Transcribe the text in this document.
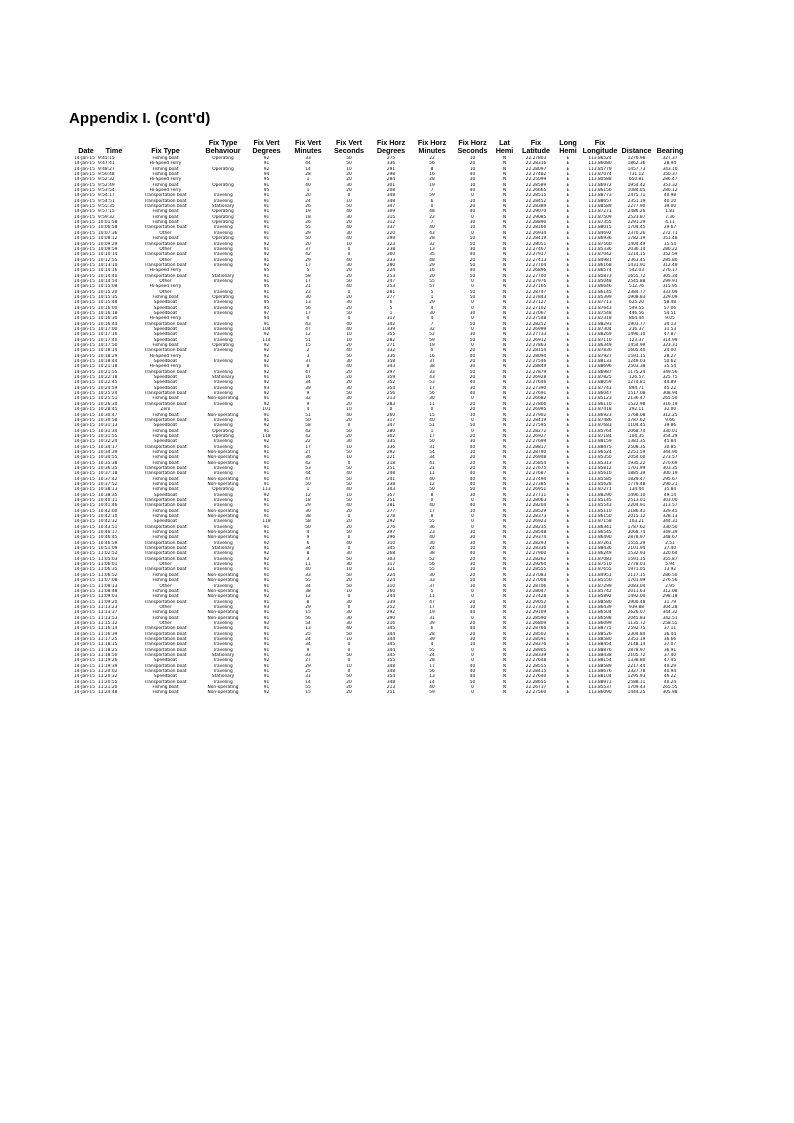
Appendix I. (cont'd)
Date	Time	Fix Type	Fix Type Behaviour	Fix Vert Degrees	Fix Vert Minutes	Fix Vert Seconds	Fix Horz Degrees	Fix Horz Minutes	Fix Horz Seconds	Lat Hemi	Fix Latitude	Long Hemi	Fix Longitude	Distance	Bearing
14-Jan-15	9:45:15	Fishing boat	Operating	92	33	50	275	22	10	N	22.27803	E	113.86524	1276.98	327.37
14-Jan-15	9:47:41	Hi-Speed Ferry		91	44	50	336	56	20	N	22.28316	E	113.86080	1862.36	28.94
14-Jan-15	9:48:27	Fishing boat	Operating	92	14	10	291	8	10	N	22.28097	E	113.85779	1457.73	343.10
14-Jan-15	9:50:48	Fishing boat		94	28	20	298	16	40	N	22.27482	E	113.87074	731.12	350.37
14-Jan-15	9:52:32	Hi-Speed Ferry		95	1	20	284	28	30	N	22.25099	E	113.80588	650.81	286.47
14-Jan-15	9:52:49	Fishing boat	Operating	91	40	30	301	19	10	N	22.28589	E	113.86972	1954.42	353.32
14-Jan-15	9:53:54	Hi-Speed Ferry		95	1	20	208	7	40	N	22.26665	E	113.86156	1084.05	280.12
14-Jan-15	9:54:17	Transportation boat	Traveling	91	20	0	348	59	0	N	22.28515	E	113.88773	2475.71	40.98
14-Jan-15	9:54:51	Transportation boat	Traveling	91	24	10	348	6	10	N	22.28452	E	113.88657	2351.19	40.10
14-Jan-15	9:55:35	Transportation boat	Stationary	91	26	50	347	0	20	N	22.28389	E	113.88589	2277.90	39.00
14-Jan-15	9:57:15	Fishing boat	Operating	91	19	40	309	48	40	N	22.29070	E	113.87271	2486.26	1.81
14-Jan-15	9:59:32	Fishing boat	Operating	91	18	30	315	22	0	N	22.29085	E	113.87509	2523.87	7.36
14-Jan-15	10:01:58	Fishing boat	Operating	91	26	20	312	7	30	N	22.28890	E	113.87355	2291.29	4.11
14-Jan-15	10:06:58	Transportation boat	Traveling	91	55	40	337	40	10	N	22.28166	E	113.88015	1704.45	29.67
14-Jan-15	10:07:36	Other	Traveling	91	29	30	220	43	0	N	22.26934	E	113.84692	2370.26	272.71
14-Jan-15	10:08:12	Fishing boat	Operating	91	50	40	299	28	50	N	22.28419	E	113.86936	1782.19	351.48
14-Jan-15	10:09:29	Transportation boat	Traveling	92	20	10	323	32	50	N	22.28051	E	113.87560	1404.49	15.54
14-Jan-15	10:09:59	Other	Traveling	91	37	0	238	13	30	N	22.27467	E	113.85336	2036.14	280.22
14-Jan-15	10:10:14	Transportation boat	Traveling	92	42	0	300	35	40	N	22.27917	E	113.87042	1214.15	352.59
14-Jan-15	10:12:55	Other	Traveling	91	29	40	233	48	20	N	22.27413	E	113.84981	2363.45	285.80
14-Jan-15	10:13:10	Transportation boat	Traveling	92	17	30	280	29	50	N	22.27704	E	113.86168	1431.91	312.49
14-Jan-15	10:14:16	Hi-Speed Ferry		95	5	20	224	16	40	N	22.26896	E	113.86574	542.03	276.17
14-Jan-15	10:14:40	Transportation boat	Stationary	91	58	20	253	20	50	N	22.27700	E	113.85873	1655.72	305.34
14-Jan-15	10:14:54	Other	Traveling	91	17	50	247	55	0	N	22.27976	E	113.85048	2545.88	299.91
14-Jan-15	10:15:08	Hi-Speed Ferry		95	21	40	253	57	0	N	22.27165	E	113.86646	512.76	315.95
14-Jan-15	10:15:20	Other	Traveling	91	23	0	281	5	50	N	22.28747	E	113.86145	2384.77	333.09
14-Jan-15	10:15:35	Fishing boat	Operating	91	30	20	277	1	50	N	22.27843	E	113.85399	1908.83	329.09
14-Jan-15	10:15:48	Speedboat	Traveling	95	13	30	6	29	0	N	22.27127	E	113.87713	625.20	58.48
14-Jan-15	10:16:00	Speedboat	Traveling	95	56	20	5	4	0	N	22.27102	E	113.87643	549.55	57.06
14-Jan-15	10:16:18	Speedboat	Traveling	97	17	50	1	30	30	N	22.27067	E	113.87548	446.56	54.51
14-Jan-15	10:16:30	Hi-Speed Ferry		94	4	0	317	4	0	N	22.27548	E	113.87318	804.44	9.05
14-Jan-15	10:16:44	Transportation boat	Traveling	91	43	40	342	7	50	N	22.28252	E	113.88293	1903.77	34.13
14-Jan-15	10:17:00	Speedboat	Traveling	104	47	40	339	32	0	N	22.26999	E	113.87304	216.37	31.53
14-Jan-15	10:17:16	Speedboat	Traveling	92	12	10	355	52	30	N	22.27733	E	113.88269	1490.10	47.87
14-Jan-15	10:17:40	Speedboat	Traveling	114	51	10	282	59	50	N	22.26912	E	113.87110	123.37	314.99
14-Jan-15	10:17:50	Fishing boat	Operating	92	15	20	271	19	0	N	22.27863	E	113.86349	1454.99	323.31
14-Jan-15	10:18:14	Transportation boat	Traveling	92	2	40	332	0	20	N	22.28154	E	113.87830	1605.40	24.00
14-Jan-15	10:18:29	Hi-Speed Ferry		92	3	50	336	16	40	N	22.28094	E	113.87927	1591.15	28.27
14-Jan-15	10:18:44	Speedboat	Traveling	92	37	30	358	37	20	N	22.27546	E	113.88133	1249.03	50.62
14-Jan-15	10:21:18	Hi-Speed Ferry		91	8	40	343	38	30	N	22.28849	E	113.88696	2503.38	35.54
14-Jan-15	10:21:55	Transportation boat	Traveling	92	47	20	297	33	50	N	22.27879	E	113.86987	1175.24	349.56
14-Jan-15	10:22:18	Speedboat	Stationary	91	16	20	359	43	20	N	22.26928	E	113.87825	126.57	325.75
14-Jan-15	10:22:45	Speedboat	Traveling	92	34	20	352	53	40	N	22.27646	E	113.88059	1274.81	44.89
14-Jan-15	10:24:59	Speedboat	Traveling	93	39	30	354	17	30	N	22.27390	E	113.87741	894.71	45.22
14-Jan-15	10:25:24	Transportation boat	Traveling	92	9	50	256	56	40	N	22.27691	E	113.86047	1517.08	308.94
14-Jan-15	10:25:51	Fishing boat	Non-operating	91	32	30	213	30	0	N	22.26682	E	113.85123	2136.47	265.50
14-Jan-15	10:26:34	Transportation boat	Traveling	92	9	20	283	11	20	N	22.27806	E	113.86110	1522.98	316.19
14-Jan-15	10:28:45	Zero		101	4	10	0	0	20	N	22.26995	E	113.87418	292.11	32.00
14-Jan-15	10:30:47	Fishing boat	Non-operating	91	51	40	260	15	10	N	22.27902	E	113.86923	1768.08	312.25
14-Jan-15	10:30:58	Transportation boat	Traveling	91	50	20	317	40	0	N	22.28419	E	113.87486	1787.62	9.66
14-Jan-15	10:31:13	Speedboat	Traveling	92	58	0	347	51	50	N	22.27595	E	113.87683	1104.45	39.86
14-Jan-15	10:31:34	Fishing boat	Operating	91	42	50	280	1	0	N	22.28272	E	113.85764	2068.74	330.01
14-Jan-15	10:31:55	Fishing boat	Operating	118	42	20	302	17	20	N	22.26927	E	113.87184	104.35	354.29
14-Jan-15	10:32:24	Speedboat	Traveling	92	22	30	335	50	30	N	22.27699	E	113.88159	1381.35	45.84
14-Jan-15	10:34:17	Transportation boat	Traveling	91	17	10	336	31	40	N	22.28817	E	113.88475	2508.35	30.85
14-Jan-15	10:34:39	Fishing boat	Non-operating	91	27	50	292	54	10	N	22.28790	E	113.86524	2251.59	344.90
14-Jan-15	10:34:55	Fishing boat	Non-operating	91	36	10	221	34	20	N	22.26948	E	113.85350	2054.00	273.57
14-Jan-15	10:35:38	Fishing boat	Non-operating	91	42	0	218	41	20	N	22.25854	E	113.85313	1935.22	270.69
14-Jan-15	10:36:35	Transportation boat	Traveling	91	53	50	251	21	20	N	22.27675	E	113.85812	1701.99	303.35
14-Jan-15	10:37:18	Transportation boat	Traveling	91	44	40	248	11	40	N	22.27687	E	113.85610	1885.39	300.19
14-Jan-15	10:37:42	Fishing boat	Non-operating	91	47	50	241	40	40	N	22.27494	E	113.85585	1829.47	295.67
14-Jan-15	10:37:52	Fishing boat	Non-operating	91	50	50	238	12	40	N	22.27385	E	113.85628	1779.48	290.21
14-Jan-15	10:38:13	Fishing boat	Operating	113	1	40	343	50	50	N	22.26951	E	113.87271	134.44	35.84
14-Jan-15	10:38:35	Speedboat	Traveling	92	12	10	357	8	30	N	22.27711	E	113.88290	1490.10	49.14
14-Jan-15	10:40:11	Transportation boat	Traveling	91	18	50	251	0	0	N	22.28063	E	113.85145	2513.01	303.00
14-Jan-15	10:41:46	Transportation boat	Traveling	91	29	40	281	40	40	N	22.28204	E	113.85543	2204.91	313.57
14-Jan-15	10:42:00	Fishing boat	Non-operating	91	30	20	277	17	10	N	22.28529	E	113.85110	2186.41	329.45
14-Jan-15	10:42:10	Fishing boat	Non-operating	91	38	0	278	8	0	N	22.28373	E	113.86150	2015.12	328.13
14-Jan-15	10:42:32	Speedboat	Traveling	118	58	20	292	55	0	N	22.26923	E	113.87158	103.21	344.31
14-Jan-15	10:43:51	Transportation boat	Traveling	91	50	20	276	36	0	N	22.28235	E	113.86341	1787.62	330.50
14-Jan-15	10:46:17	Fishing boat	Non-operating	91	4	50	297	23	30	N	22.28548	E	113.86545	3068.74	349.39
14-Jan-15	10:46:45	Fishing boat	Non-operating	91	9	0	296	40	30	N	22.29374	E	113.86490	2878.97	348.67
14-Jan-15	10:46:59	Transportation boat	Traveling	92	6	40	310	30	30	N	22.28293	E	113.87261	1555.29	2.51
14-Jan-15	10:51:09	Transportation boat	Stationary	91	34	0	345	24	10	N	22.28336	E	113.88436	2101.94	37.40
14-Jan-15	11:02:52	Transportation boat	Traveling	92	8	30	268	38	40	N	22.27900	E	113.86249	1532.93	320.64
14-Jan-15	11:05:03	Transportation boat	Traveling	92	3	50	303	52	20	N	22.28262	E	113.87083	1591.15	355.87
14-Jan-15	11:06:01	Other	Traveling	91	11	30	317	56	30	N	22.29264	E	113.87510	2778.03	5.94
14-Jan-15	11:06:35	Transportation boat	Traveling	91	40	10	321	55	10	N	22.28555	E	113.87655	1971.05	13.92
14-Jan-15	11:06:52	Fishing boat	Non-operating	91	33	50	224	30	20	N	22.27083	E	113.84951	2117.15	286.50
14-Jan-15	11:07:08	Fishing boat	Non-operating	91	55	20	224	33	50	N	22.27008	E	113.85550	1701.99	276.56
14-Jan-15	11:08:13	Other	Traveling	91	34	50	310	37	10	N	22.28706	E	113.87299	2083.04	2.95
14-Jan-15	11:08:48	Fishing boat	Non-operating	91	38	10	260	5	0	N	22.28047	E	113.85742	2011.63	312.08
14-Jan-15	11:09:03	Fishing boat	Non-operating	92	12	0	244	11	0	N	22.27428	E	113.85892	1492.00	298.18
14-Jan-15	11:09:20	Transportation boat	Traveling	91	8	30	339	47	20	N	22.29052	E	113.88580	2900.48	31.79
14-Jan-15	11:13:23	Other	Traveling	93	29	0	252	17	10	N	22.27310	E	113.86439	939.88	304.28
14-Jan-15	11:13:37	Fishing boat	Non-operating	91	15	30	292	19	40	N	22.29109	E	113.86504	2626.07	344.32
14-Jan-15	11:13:53	Fishing boat	Non-operating	91	56	30	290	31	0	N	22.28590	E	113.86598	2045.83	342.51
14-Jan-15	11:15:12	Other	Traveling	92	54	30	216	39	20	N	22.26809	E	113.86099	1135.72	258.55
14-Jan-15	11:16:14	Transportation boat	Traveling	91	13	40	345	6	40	N	22.28766	E	113.88775	2592.75	37.11
14-Jan-15	11:16:39	Transportation boat	Traveling	91	25	50	344	28	20	N	22.28502	E	113.88526	2304.84	36.44
14-Jan-15	11:17:25	Transportation boat	Traveling	91	24	10	344	39	30	N	22.28591	E	113.88580	2351.19	36.66
14-Jan-15	11:18:15	Transportation boat	Traveling	91	34	0	345	4	10	N	22.28376	E	113.88454	2148.14	37.07
14-Jan-15	11:18:25	Transportation boat	Traveling	91	9	0	344	55	0	N	22.28905	E	113.88876	2878.97	36.91
14-Jan-15	11:18:50	Transportation boat	Stationary	91	33	50	345	24	0	N	22.28339	E	113.88438	2105.72	37.40
14-Jan-15	11:19:26	Speedboat	Traveling	92	27	0	355	28	0	N	22.27648	E	113.88154	1338.80	47.45
14-Jan-15	11:19:39	Transportation boat	Traveling	91	29	10	348	17	40	N	22.28555	E	113.88589	2217.44	40.29
14-Jan-15	11:20:02	Transportation boat	Traveling	91	25	0	348	56	40	N	22.28415	E	113.88676	2327.78	40.94
14-Jan-15	11:20:32	Speedboat	Stationary	91	31	50	354	13	40	N	22.27640	E	113.88104	1295.93	46.22
14-Jan-15	11:20:55	Transportation boat	Traveling	91	14	20	348	14	50	N	22.28655	E	113.88971	2588.11	40.24
14-Jan-15	11:21:20	Fishing boat	Non-operating	91	55	20	213	40	0	N	22.26717	E	113.85537	1709.43	265.55
14-Jan-15	11:24:48	Fishing boat	Non-operating	92	15	20	251	59	0	N	22.27560	E	113.86090	1444.25	305.98
